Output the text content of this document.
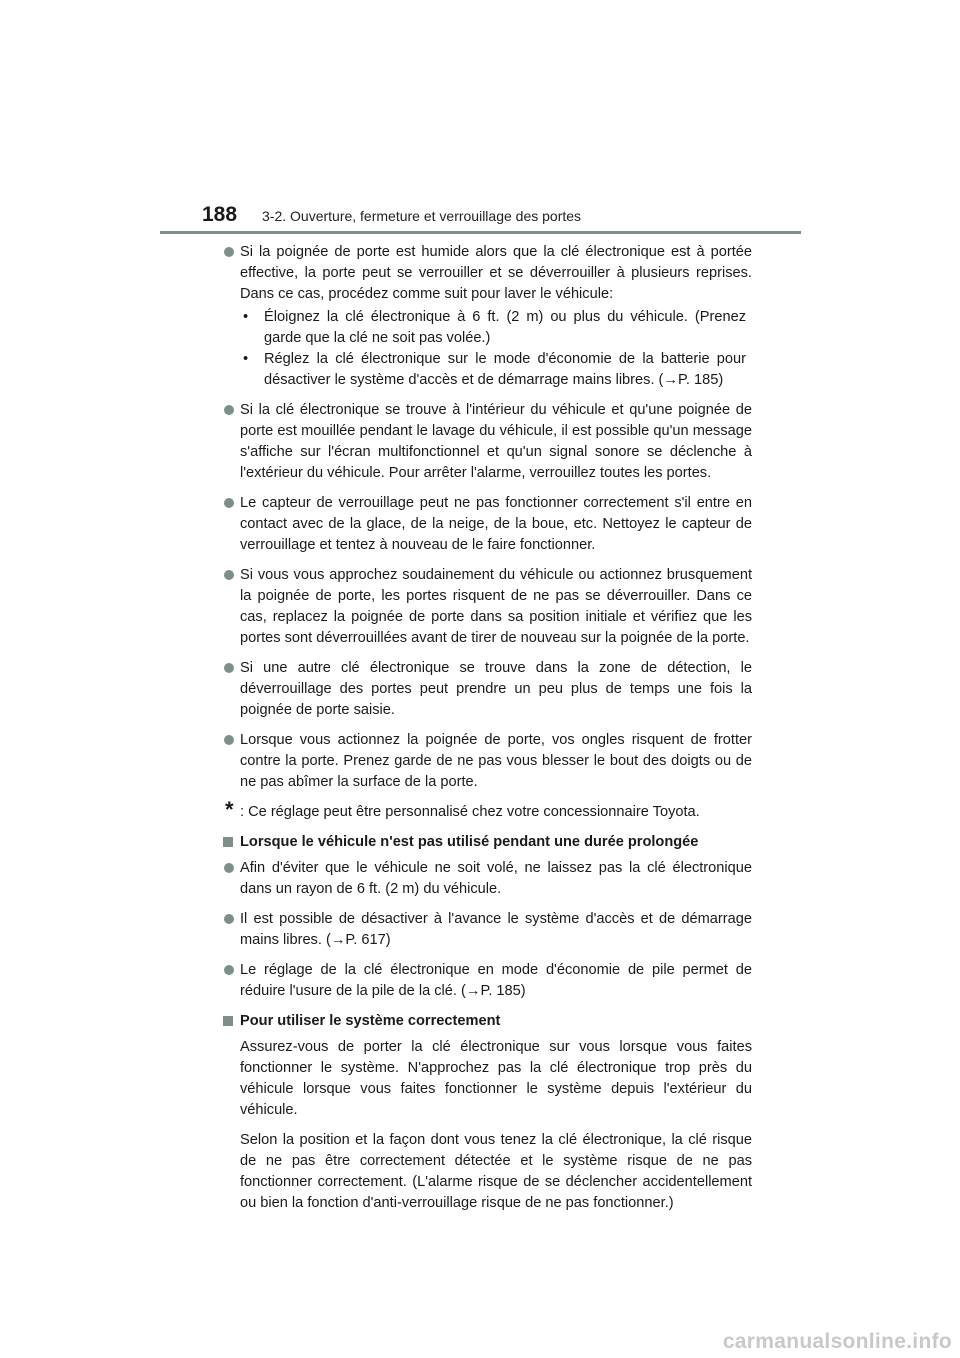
188 3-2. Ouverture, fermeture et verrouillage des portes
Si la poignée de porte est humide alors que la clé électronique est à portée effective, la porte peut se verrouiller et se déverrouiller à plusieurs reprises. Dans ce cas, procédez comme suit pour laver le véhicule:
• Éloignez la clé électronique à 6 ft. (2 m) ou plus du véhicule. (Prenez garde que la clé ne soit pas volée.)
• Réglez la clé électronique sur le mode d'économie de la batterie pour désactiver le système d'accès et de démarrage mains libres. (→P. 185)
Si la clé électronique se trouve à l'intérieur du véhicule et qu'une poignée de porte est mouillée pendant le lavage du véhicule, il est possible qu'un message s'affiche sur l'écran multifonctionnel et qu'un signal sonore se déclenche à l'extérieur du véhicule. Pour arrêter l'alarme, verrouillez toutes les portes.
Le capteur de verrouillage peut ne pas fonctionner correctement s'il entre en contact avec de la glace, de la neige, de la boue, etc. Nettoyez le capteur de verrouillage et tentez à nouveau de le faire fonctionner.
Si vous vous approchez soudainement du véhicule ou actionnez brusquement la poignée de porte, les portes risquent de ne pas se déverrouiller. Dans ce cas, replacez la poignée de porte dans sa position initiale et vérifiez que les portes sont déverrouillées avant de tirer de nouveau sur la poignée de la porte.
Si une autre clé électronique se trouve dans la zone de détection, le déverrouillage des portes peut prendre un peu plus de temps une fois la poignée de porte saisie.
Lorsque vous actionnez la poignée de porte, vos ongles risquent de frotter contre la porte. Prenez garde de ne pas vous blesser le bout des doigts ou de ne pas abîmer la surface de la porte.
* : Ce réglage peut être personnalisé chez votre concessionnaire Toyota.
Lorsque le véhicule n'est pas utilisé pendant une durée prolongée
Afin d'éviter que le véhicule ne soit volé, ne laissez pas la clé électronique dans un rayon de 6 ft. (2 m) du véhicule.
Il est possible de désactiver à l'avance le système d'accès et de démarrage mains libres. (→P. 617)
Le réglage de la clé électronique en mode d'économie de pile permet de réduire l'usure de la pile de la clé. (→P. 185)
Pour utiliser le système correctement
Assurez-vous de porter la clé électronique sur vous lorsque vous faites fonctionner le système. N'approchez pas la clé électronique trop près du véhicule lorsque vous faites fonctionner le système depuis l'extérieur du véhicule.
Selon la position et la façon dont vous tenez la clé électronique, la clé risque de ne pas être correctement détectée et le système risque de ne pas fonctionner correctement. (L'alarme risque de se déclencher accidentellement ou bien la fonction d'anti-verrouillage risque de ne pas fonctionner.)
carmanualsonline.info
